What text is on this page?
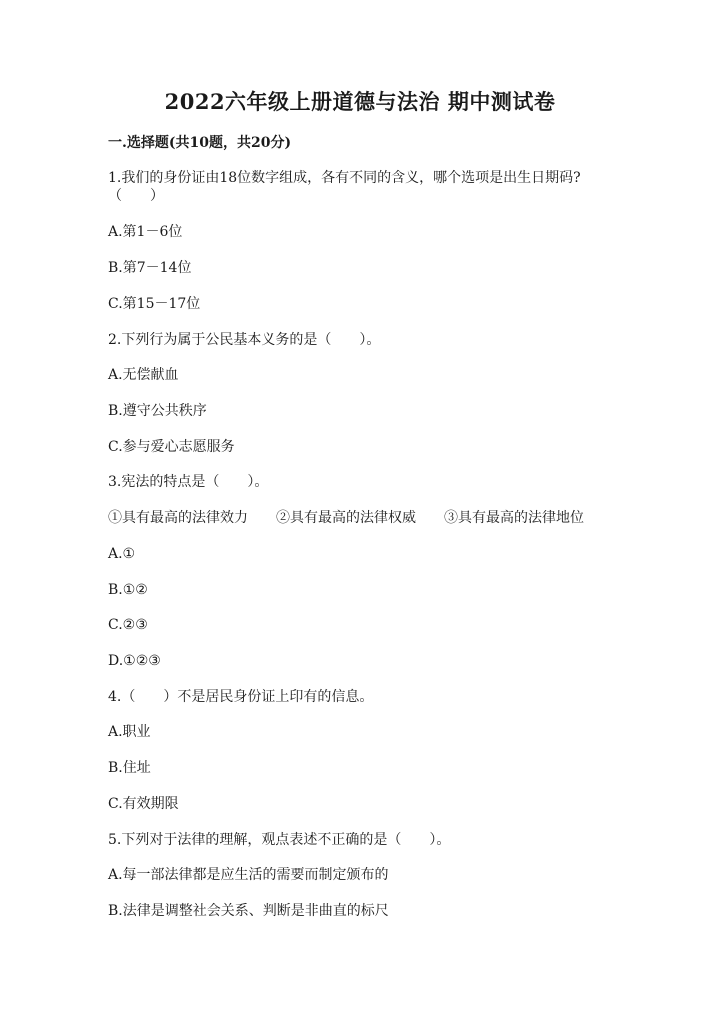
2022六年级上册道德与法治 期中测试卷
一.选择题(共10题，共20分)
1.我们的身份证由18位数字组成，各有不同的含义，哪个选项是出生日期码?
（　　）
A.第1－6位
B.第7－14位
C.第15－17位
2.下列行为属于公民基本义务的是（　　）。
A.无偿献血
B.遵守公共秩序
C.参与爱心志愿服务
3.宪法的特点是（　　）。
①具有最高的法律效力　　②具有最高的法律权威　　③具有最高的法律地位
A.①
B.①②
C.②③
D.①②③
4.（　　）不是居民身份证上印有的信息。
A.职业
B.住址
C.有效期限
5.下列对于法律的理解，观点表述不正确的是（　　）。
A.每一部法律都是应生活的需要而制定颁布的
B.法律是调整社会关系、判断是非曲直的标尺
